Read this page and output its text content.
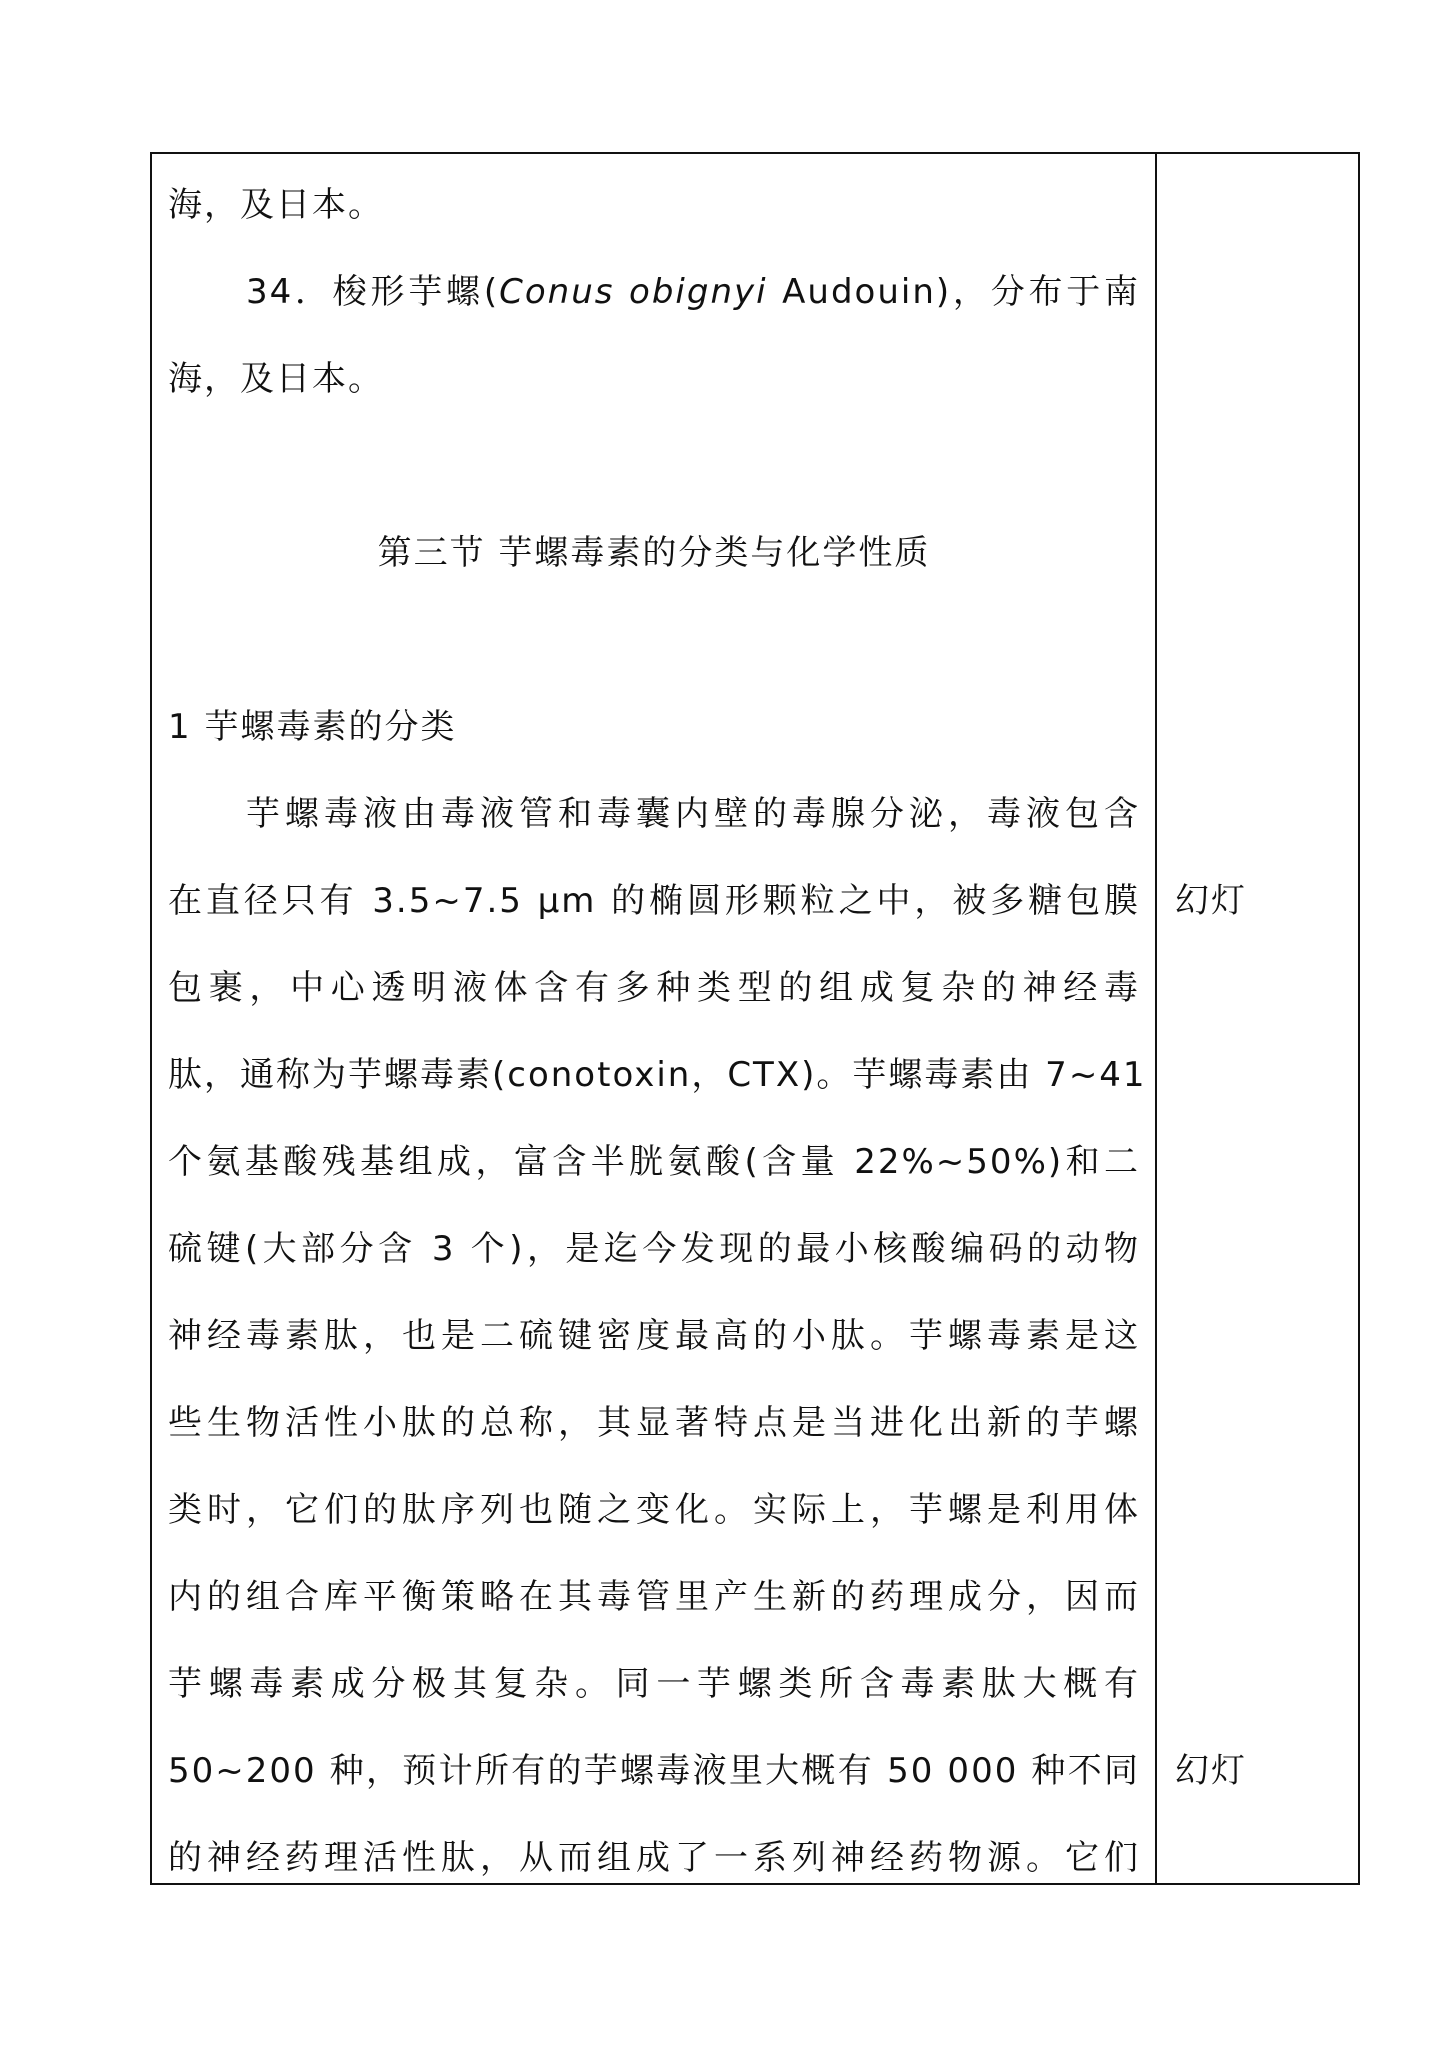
海，及日本。
34．梭形芋螺(Conus obignyi Audouin)，分布于南
海，及日本。
第三节 芋螺毒素的分类与化学性质
1 芋螺毒素的分类
芋螺毒液由毒液管和毒囊内壁的毒腺分泌，毒液包含
在直径只有 3.5~7.5 μm 的椭圆形颗粒之中，被多糖包膜
包裹，中心透明液体含有多种类型的组成复杂的神经毒
肽，通称为芋螺毒素(conotoxin，CTX)。芋螺毒素由 7~41
个氨基酸残基组成，富含半胱氨酸(含量 22%~50%)和二
硫键(大部分含 3 个)，是迄今发现的最小核酸编码的动物
神经毒素肽，也是二硫键密度最高的小肽。芋螺毒素是这
些生物活性小肽的总称，其显著特点是当进化出新的芋螺
类时，它们的肽序列也随之变化。实际上，芋螺是利用体
内的组合库平衡策略在其毒管里产生新的药理成分，因而
芋螺毒素成分极其复杂。同一芋螺类所含毒素肽大概有
50~200 种，预计所有的芋螺毒液里大概有 50 000 种不同
的神经药理活性肽，从而组成了一系列神经药物源。它们
幻灯
幻灯
